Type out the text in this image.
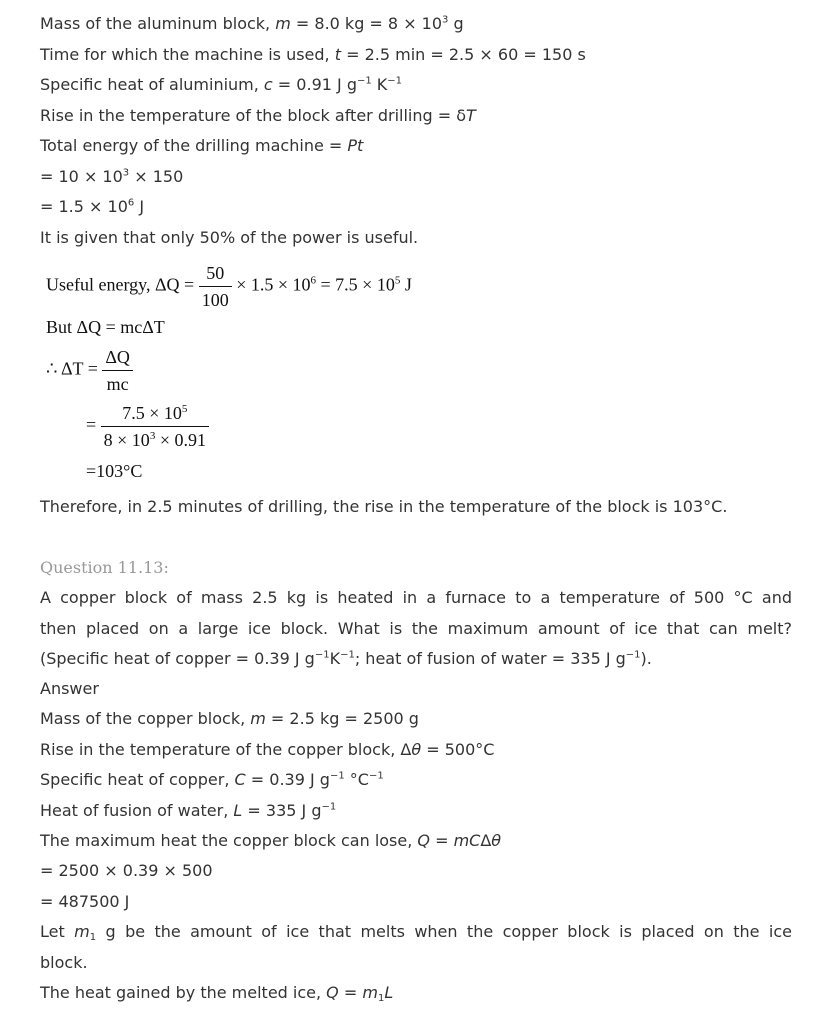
Mass of the aluminum block, m = 8.0 kg = $8 \times 10^3$ g
Time for which the machine is used, t = 2.5 min = 2.5 × 60 = 150 s
Specific heat of aluminium, c = 0.91 J $g^{-1}$ $K^{-1}$
Rise in the temperature of the block after drilling = δT
Total energy of the drilling machine = Pt
= $10 \times 10^3 \times 150$
= $1.5 \times 10^6$ J
It is given that only 50% of the power is useful.
Useful energy, $\Delta Q = \frac{50}{100} \times 1.5 \times 10^6 = 7.5 \times 10^5$ J
But ΔQ = mcΔT
∴ $\Delta T = \frac{\Delta Q}{mc}$
= $\frac{7.5 \times 10^5}{8 \times 10^3 \times 0.91}$
=103°C
Therefore, in 2.5 minutes of drilling, the rise in the temperature of the block is 103°C.
Question 11.13:
A copper block of mass 2.5 kg is heated in a furnace to a temperature of 500 °C and
then placed on a large ice block. What is the maximum amount of ice that can melt?
(Specific heat of copper = 0.39 J $g^{-1}K^{-1}$; heat of fusion of water = 335 J $g^{-1}$).
Answer
Mass of the copper block, m = 2.5 kg = 2500 g
Rise in the temperature of the copper block, Δθ = 500°C
Specific heat of copper, C = 0.39 J $g^{-1}$ $^\circ C^{-1}$
Heat of fusion of water, L = 335 J $g^{-1}$
The maximum heat the copper block can lose, Q = mCΔθ
= 2500 × 0.39 × 500
= 487500 J
Let $m_1$ g be the amount of ice that melts when the copper block is placed on the ice
block.
The heat gained by the melted ice, $Q = m_1L$
